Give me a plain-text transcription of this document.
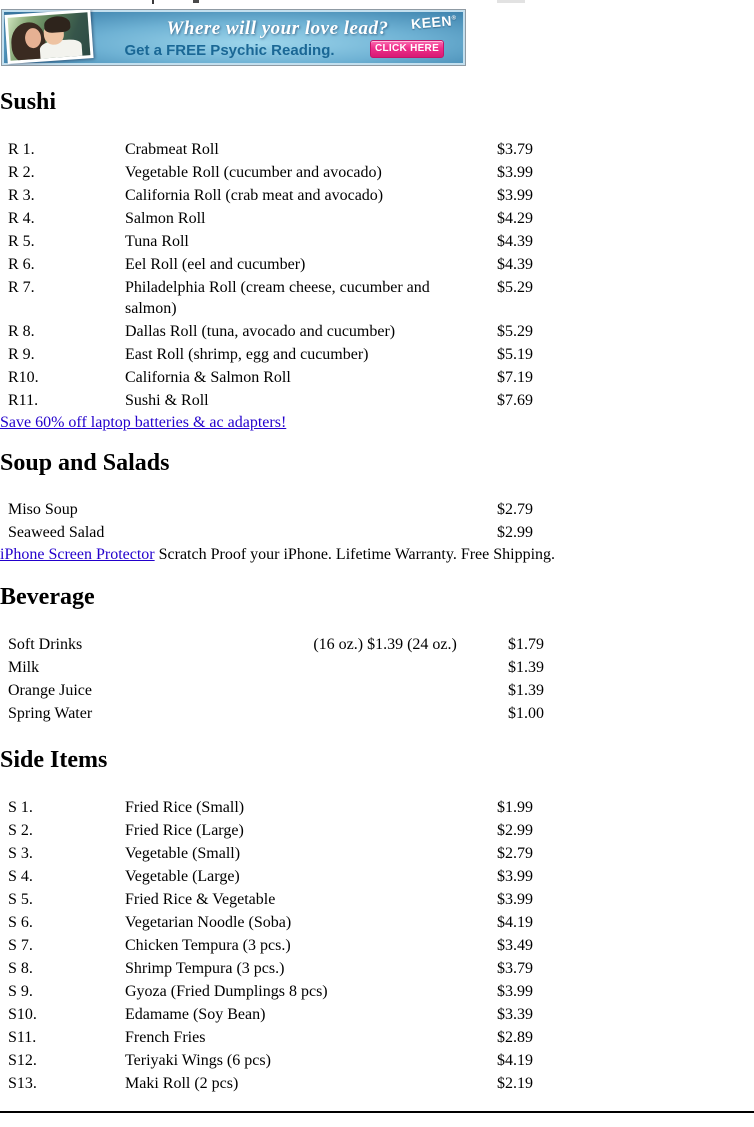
Where will your love lead?
Get a FREE Psychic Reading.
KEEN®
CLICK HERE
Sushi
R 1.	Crabmeat Roll	$3.79
R 2.	Vegetable Roll (cucumber and avocado)	$3.99
R 3.	California Roll (crab meat and avocado)	$3.99
R 4.	Salmon Roll	$4.29
R 5.	Tuna Roll	$4.39
R 6.	Eel Roll (eel and cucumber)	$4.39
R 7.	Philadelphia Roll (cream cheese, cucumber and salmon)	$5.29
R 8.	Dallas Roll (tuna, avocado and cucumber)	$5.29
R 9.	East Roll (shrimp, egg and cucumber)	$5.19
R10.	California & Salmon Roll	$7.19
R11.	Sushi & Roll	$7.69

Save 60% off laptop batteries & ac adapters!

Soup and Salads
Miso Soup	$2.79
Seaweed Salad	$2.99

iPhone Screen Protector Scratch Proof your iPhone. Lifetime Warranty. Free Shipping.

Beverage
Soft Drinks	(16 oz.) $1.39 (24 oz.)	$1.79
Milk		$1.39
Orange Juice		$1.39
Spring Water		$1.00
Side Items
S 1.	Fried Rice (Small)	$1.99
S 2.	Fried Rice (Large)	$2.99
S 3.	Vegetable (Small)	$2.79
S 4.	Vegetable (Large)	$3.99
S 5.	Fried Rice & Vegetable	$3.99
S 6.	Vegetarian Noodle (Soba)	$4.19
S 7.	Chicken Tempura (3 pcs.)	$3.49
S 8.	Shrimp Tempura (3 pcs.)	$3.79
S 9.	Gyoza (Fried Dumplings 8 pcs)	$3.99
S10.	Edamame (Soy Bean)	$3.39
S11.	French Fries	$2.89
S12.	Teriyaki Wings (6 pcs)	$4.19
S13.	Maki Roll (2 pcs)	$2.19
